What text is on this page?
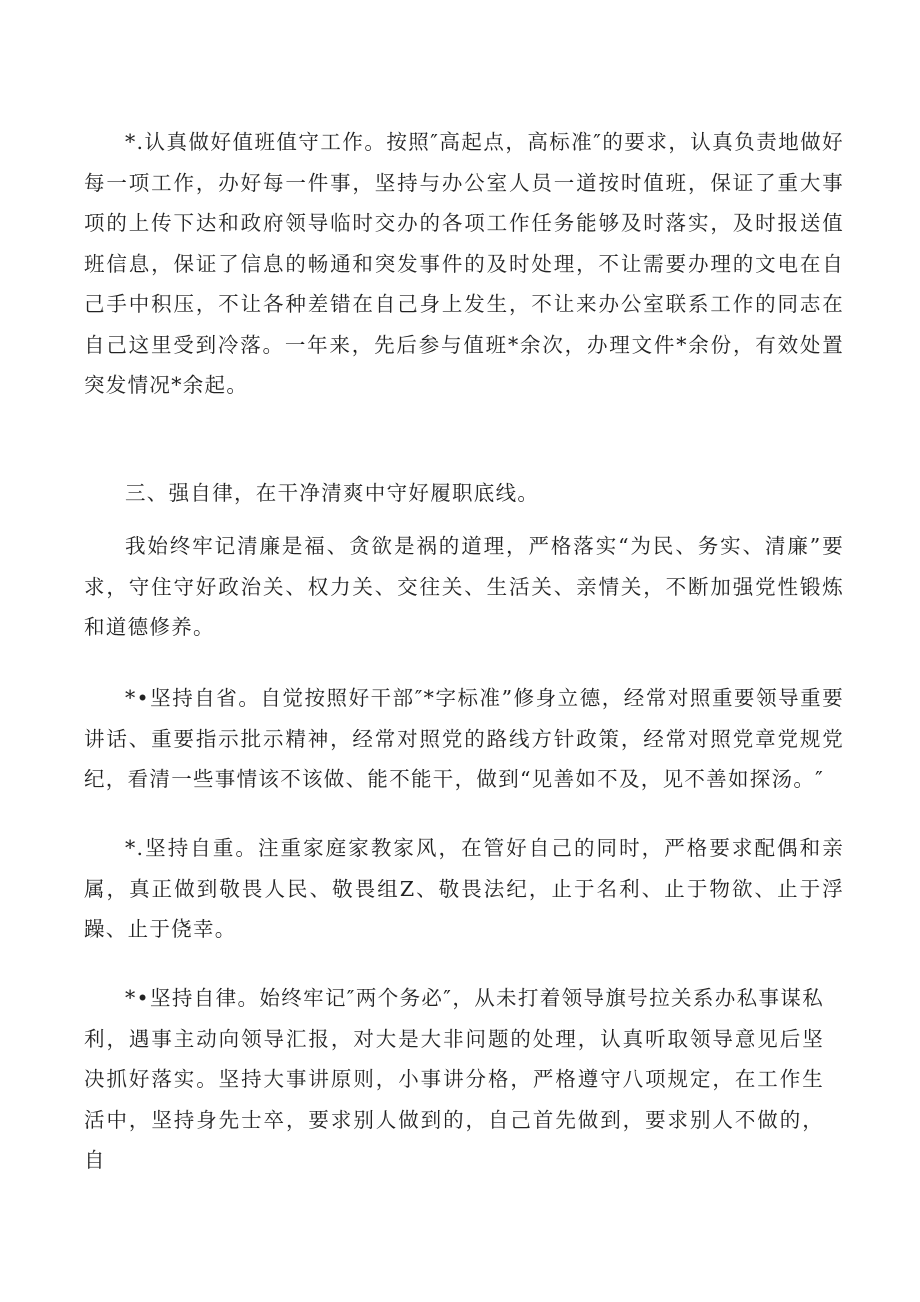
*.认真做好值班值守工作。按照″高起点，高标准″的要求，认真负责地做好每一项工作，办好每一件事，坚持与办公室人员一道按时值班，保证了重大事项的上传下达和政府领导临时交办的各项工作任务能够及时落实，及时报送值班信息，保证了信息的畅通和突发事件的及时处理，不让需要办理的文电在自己手中积压，不让各种差错在自己身上发生，不让来办公室联系工作的同志在自己这里受到冷落。一年来，先后参与值班*余次，办理文件*余份，有效处置突发情况*余起。

三、强自律，在干净清爽中守好履职底线。

我始终牢记清廉是福、贪欲是祸的道理，严格落实“为民、务实、清廉”要求，守住守好政治关、权力关、交往关、生活关、亲情关，不断加强党性锻炼和道德修养。

*•坚持自省。自觉按照好干部″*字标准”修身立德，经常对照重要领导重要讲话、重要指示批示精神，经常对照党的路线方针政策，经常对照党章党规党纪，看清一些事情该不该做、能不能干，做到“见善如不及，见不善如探汤。″

*.坚持自重。注重家庭家教家风，在管好自己的同时，严格要求配偶和亲属，真正做到敬畏人民、敬畏组Z、敬畏法纪，止于名利、止于物欲、止于浮躁、止于侥幸。

*•坚持自律。始终牢记″两个务必″，从未打着领导旗号拉关系办私事谋私利，遇事主动向领导汇报，对大是大非问题的处理，认真听取领导意见后坚决抓好落实。坚持大事讲原则，小事讲分格，严格遵守八项规定，在工作生活中，坚持身先士卒，要求别人做到的，自己首先做到，要求别人不做的，自
